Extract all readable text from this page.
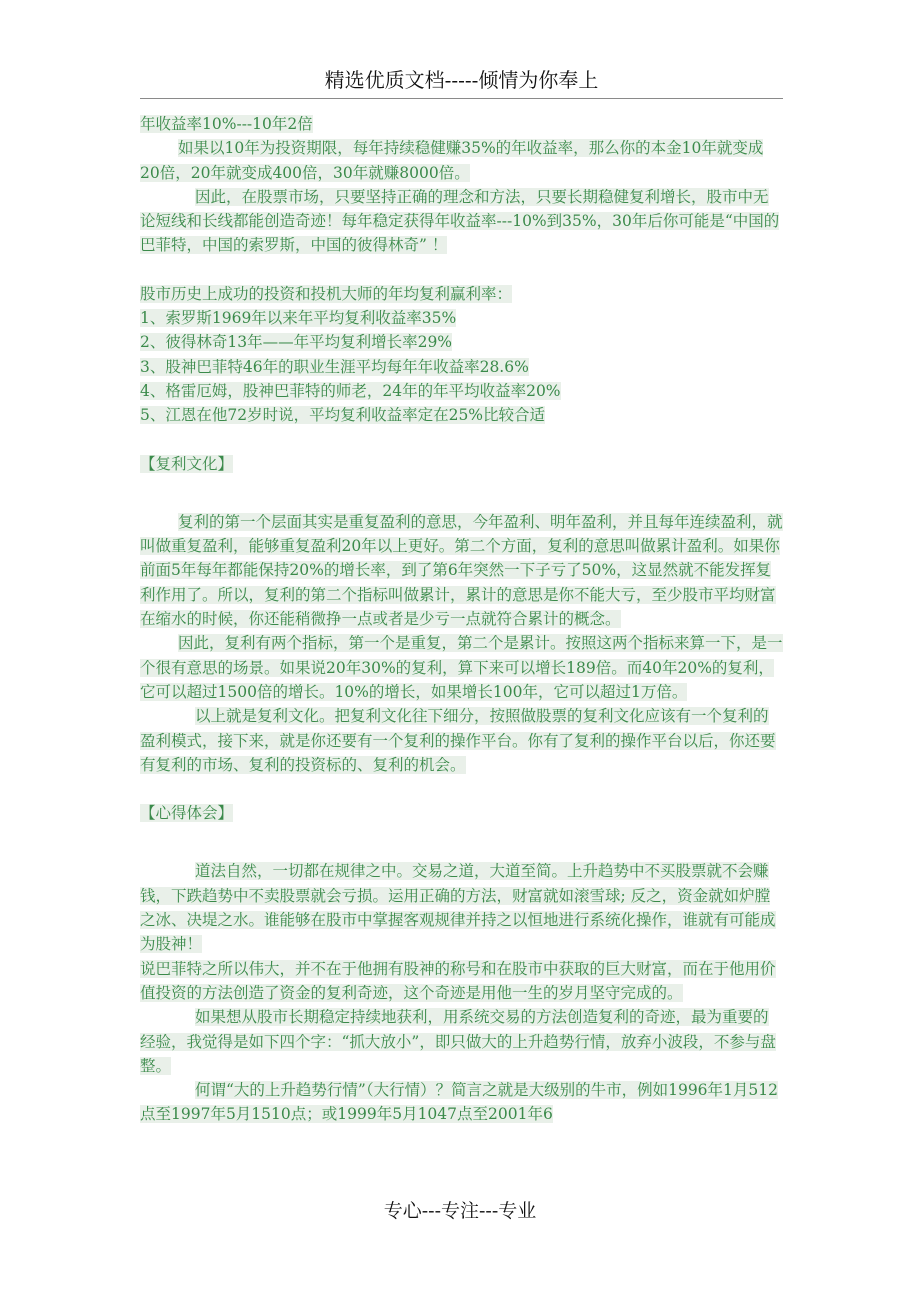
精选优质文档-----倾情为你奉上

年收益率10%---10年2倍

如果以10年为投资期限，每年持续稳健赚35%的年收益率，那么你的本金10年就变成20倍，20年就变成400倍，30年就赚8000倍。

因此，在股票市场，只要坚持正确的理念和方法，只要长期稳健复利增长，股市中无论短线和长线都能创造奇迹！每年稳定获得年收益率---10%到35%，30年后你可能是“中国的巴菲特，中国的索罗斯，中国的彼得林奇” ！

股市历史上成功的投资和投机大师的年均复利赢利率：

1、索罗斯1969年以来年平均复利收益率35%

2、彼得林奇13年——年平均复利增长率29%

3、股神巴菲特46年的职业生涯平均每年年收益率28.6%

4、格雷厄姆，股神巴菲特的师老，24年的年平均收益率20%

5、江恩在他72岁时说，平均复利收益率定在25%比较合适

【复利文化】

复利的第一个层面其实是重复盈利的意思，今年盈利、明年盈利，并且每年连续盈利，就叫做重复盈利，能够重复盈利20年以上更好。第二个方面，复利的意思叫做累计盈利。如果你前面5年每年都能保持20%的增长率，到了第6年突然一下子亏了50%，这显然就不能发挥复利作用了。所以，复利的第二个指标叫做累计，累计的意思是你不能大亏，至少股市平均财富在缩水的时候，你还能稍微挣一点或者是少亏一点就符合累计的概念。

因此，复利有两个指标，第一个是重复，第二个是累计。按照这两个指标来算一下，是一个很有意思的场景。如果说20年30%的复利，算下来可以增长189倍。而40年20%的复利，它可以超过1500倍的增长。10%的增长，如果增长100年，它可以超过1万倍。

以上就是复利文化。把复利文化往下细分，按照做股票的复利文化应该有一个复利的盈利模式，接下来，就是你还要有一个复利的操作平台。你有了复利的操作平台以后，你还要有复利的市场、复利的投资标的、复利的机会。

【心得体会】

道法自然，一切都在规律之中。交易之道，大道至简。上升趋势中不买股票就不会赚钱，下跌趋势中不卖股票就会亏损。运用正确的方法，财富就如滚雪球; 反之，资金就如炉膛之冰、决堤之水。谁能够在股市中掌握客观规律并持之以恒地进行系统化操作，谁就有可能成为股神！

说巴菲特之所以伟大，并不在于他拥有股神的称号和在股市中获取的巨大财富，而在于他用价值投资的方法创造了资金的复利奇迹，这个奇迹是用他一生的岁月坚守完成的。

如果想从股市长期稳定持续地获利，用系统交易的方法创造复利的奇迹，最为重要的经验，我觉得是如下四个字：“抓大放小”，即只做大的上升趋势行情，放弃小波段，不参与盘整。

何谓“大的上升趋势行情”（大行情）？简言之就是大级别的牛市，例如1996年1月512点至1997年5月1510点；或1999年5月1047点至2001年6

专心---专注---专业
